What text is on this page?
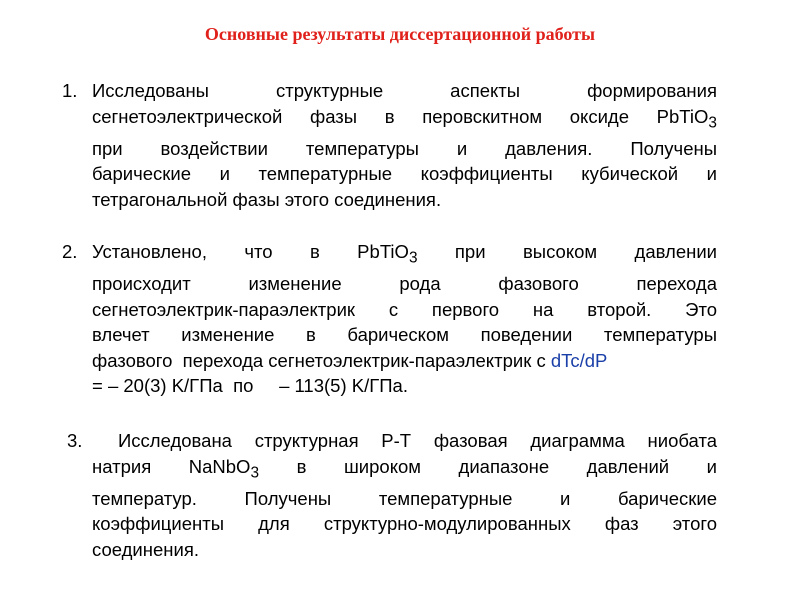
Основные результаты диссертационной работы
1. Исследованы структурные аспекты формирования
сегнетоэлектрической фазы в перовскитном оксиде PbTiO$_3$
при воздействии температуры и давления. Получены
барические и температурные коэффициенты кубической и
тетрагональной фазы этого соединения.
2. Установлено, что в PbTiO$_3$ при высоком давлении
происходит изменение рода фазового перехода
сегнетоэлектрик-параэлектрик с первого на второй. Это
влечет изменение в барическом поведении температуры
фазового  перехода сегнетоэлектрик-параэлектрик с dTc/dP
= – 20(3) K/ГПа  по     – 113(5) K/ГПа.
3. Исследована структурная Р-Т фазовая диаграмма ниобата
натрия NaNbO$_3$ в широком диапазоне давлений и
температур. Получены температурные и барические
коэффициенты для структурно-модулированных фаз этого
соединения.
